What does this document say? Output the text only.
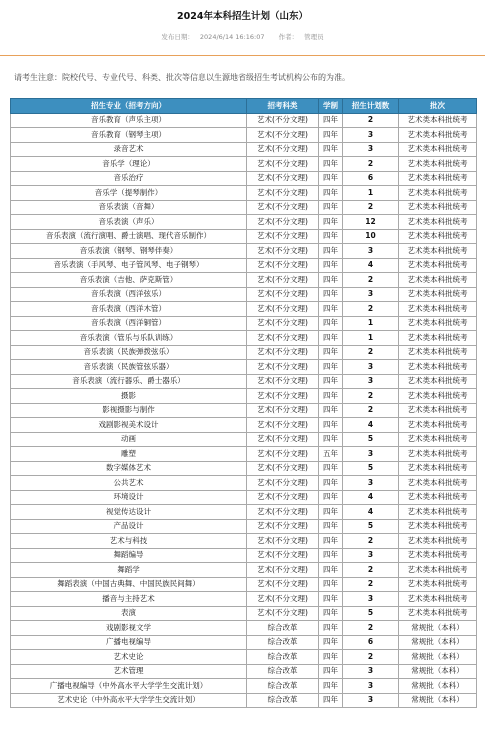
2024年本科招生计划（山东）
发布日期： 2024/6/14 16:16:07 作者： 管理员
请考生注意：院校代号、专业代号、科类、批次等信息以生源地省级招生考试机构公布的为准。
招生专业（招考方向）	招考科类	学制	招生计划数	批次
音乐教育（声乐主项）	艺术(不分文理)	四年	2	艺术类本科批统考
音乐教育（钢琴主项）	艺术(不分文理)	四年	3	艺术类本科批统考
录音艺术	艺术(不分文理)	四年	3	艺术类本科批统考
音乐学（理论）	艺术(不分文理)	四年	2	艺术类本科批统考
音乐治疗	艺术(不分文理)	四年	6	艺术类本科批统考
音乐学（提琴制作）	艺术(不分文理)	四年	1	艺术类本科批统考
音乐表演（音舞）	艺术(不分文理)	四年	2	艺术类本科批统考
音乐表演（声乐）	艺术(不分文理)	四年	12	艺术类本科批统考
音乐表演（流行演唱、爵士演唱、现代音乐制作）	艺术(不分文理)	四年	10	艺术类本科批统考
音乐表演（钢琴、钢琴伴奏）	艺术(不分文理)	四年	3	艺术类本科批统考
音乐表演（手风琴、电子管风琴、电子钢琴）	艺术(不分文理)	四年	4	艺术类本科批统考
音乐表演（吉他、萨克斯管）	艺术(不分文理)	四年	2	艺术类本科批统考
音乐表演（西洋弦乐）	艺术(不分文理)	四年	3	艺术类本科批统考
音乐表演（西洋木管）	艺术(不分文理)	四年	2	艺术类本科批统考
音乐表演（西洋铜管）	艺术(不分文理)	四年	1	艺术类本科批统考
音乐表演（管乐与乐队训练）	艺术(不分文理)	四年	1	艺术类本科批统考
音乐表演（民族弹拨弦乐）	艺术(不分文理)	四年	2	艺术类本科批统考
音乐表演（民族管弦乐器）	艺术(不分文理)	四年	3	艺术类本科批统考
音乐表演（流行器乐、爵士器乐）	艺术(不分文理)	四年	3	艺术类本科批统考
摄影	艺术(不分文理)	四年	2	艺术类本科批统考
影视摄影与制作	艺术(不分文理)	四年	2	艺术类本科批统考
戏剧影视美术设计	艺术(不分文理)	四年	4	艺术类本科批统考
动画	艺术(不分文理)	四年	5	艺术类本科批统考
雕塑	艺术(不分文理)	五年	3	艺术类本科批统考
数字媒体艺术	艺术(不分文理)	四年	5	艺术类本科批统考
公共艺术	艺术(不分文理)	四年	3	艺术类本科批统考
环境设计	艺术(不分文理)	四年	4	艺术类本科批统考
视觉传达设计	艺术(不分文理)	四年	4	艺术类本科批统考
产品设计	艺术(不分文理)	四年	5	艺术类本科批统考
艺术与科技	艺术(不分文理)	四年	2	艺术类本科批统考
舞蹈编导	艺术(不分文理)	四年	3	艺术类本科批统考
舞蹈学	艺术(不分文理)	四年	2	艺术类本科批统考
舞蹈表演（中国古典舞、中国民族民间舞）	艺术(不分文理)	四年	2	艺术类本科批统考
播音与主持艺术	艺术(不分文理)	四年	3	艺术类本科批统考
表演	艺术(不分文理)	四年	5	艺术类本科批统考
戏剧影视文学	综合改革	四年	2	常规批（本科）
广播电视编导	综合改革	四年	6	常规批（本科）
艺术史论	综合改革	四年	2	常规批（本科）
艺术管理	综合改革	四年	3	常规批（本科）
广播电视编导（中外高水平大学学生交流计划）	综合改革	四年	3	常规批（本科）
艺术史论（中外高水平大学学生交流计划）	综合改革	四年	3	常规批（本科）
